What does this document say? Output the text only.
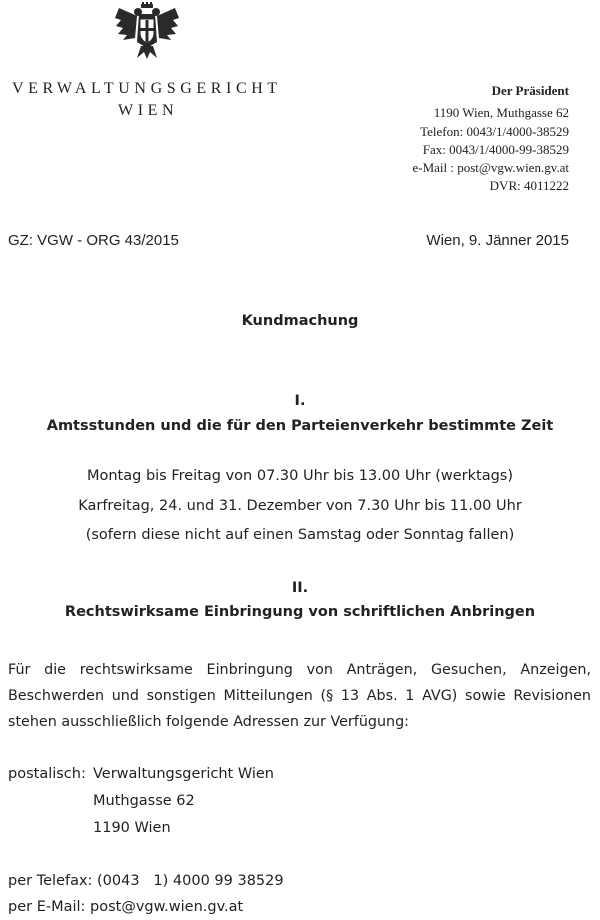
VERWALTUNGSGERICHT
WIEN
Der Präsident
1190 Wien, Muthgasse 62
Telefon: 0043/1/4000-38529
Fax: 0043/1/4000-99-38529
e-Mail : post@vgw.wien.gv.at
DVR: 4011222
GZ: VGW - ORG 43/2015	Wien, 9. Jänner 2015
Kundmachung
I.
Amtsstunden und die für den Parteienverkehr bestimmte Zeit
Montag bis Freitag von 07.30 Uhr bis 13.00 Uhr (werktags)
Karfreitag, 24. und 31. Dezember von 7.30 Uhr bis 11.00 Uhr
(sofern diese nicht auf einen Samstag oder Sonntag fallen)
II.
Rechtswirksame Einbringung von schriftlichen Anbringen
Für die rechtswirksame Einbringung von Anträgen, Gesuchen, Anzeigen,
Beschwerden und sonstigen Mitteilungen (§ 13 Abs. 1 AVG) sowie Revisionen
stehen ausschließlich folgende Adressen zur Verfügung:
postalisch: Verwaltungsgericht Wien
Muthgasse 62
1190 Wien
per Telefax: (0043   1) 4000 99 38529
per E-Mail: post@vgw.wien.gv.at
